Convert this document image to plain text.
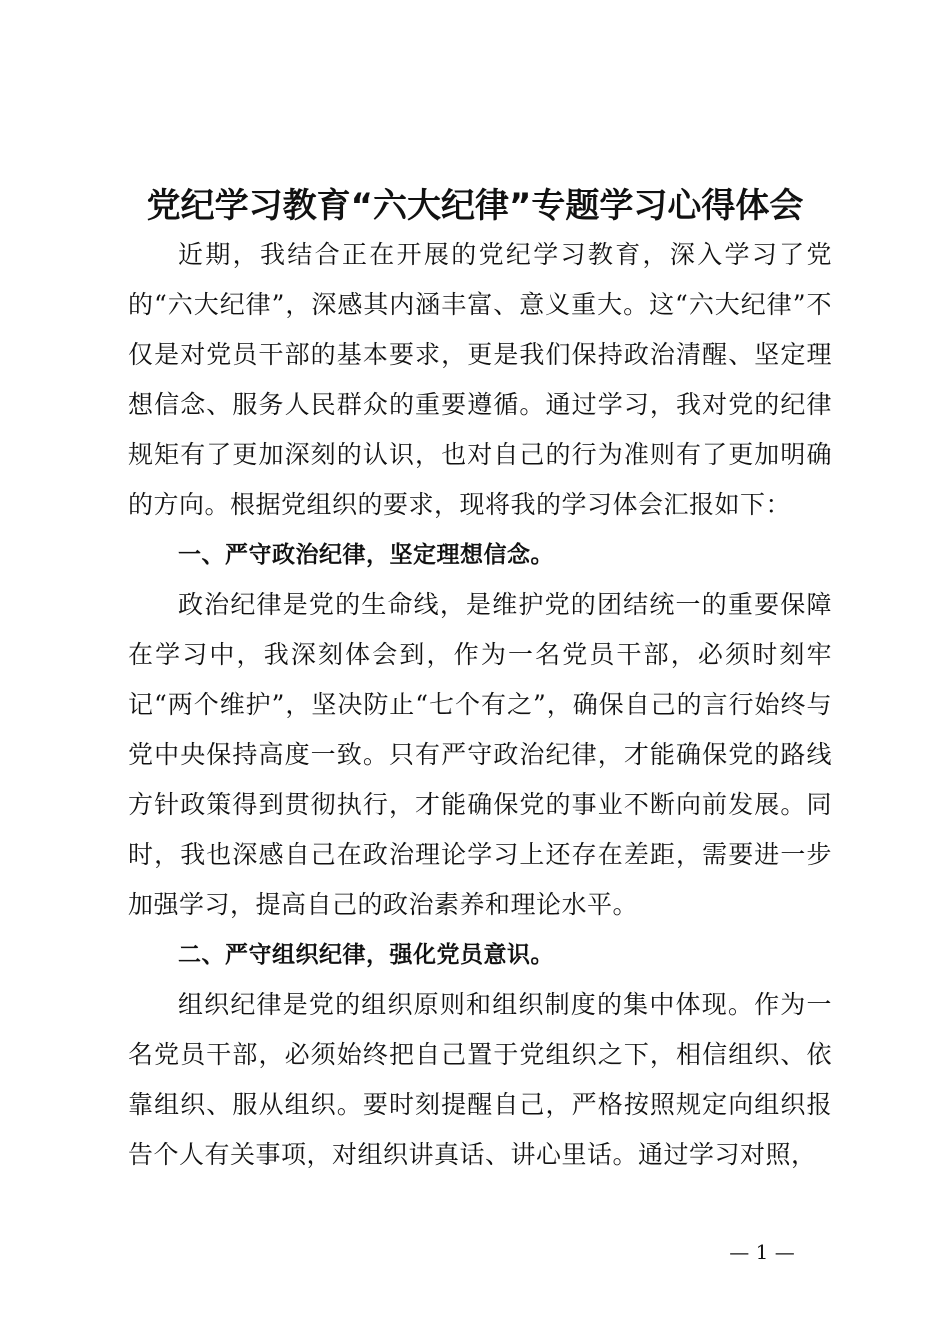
党纪学习教育“六大纪律”专题学习心得体会

近期，我结合正在开展的党纪学习教育，深入学习了党的“六大纪律”，深感其内涵丰富、意义重大。这“六大纪律”不仅是对党员干部的基本要求，更是我们保持政治清醒、坚定理想信念、服务人民群众的重要遵循。通过学习，我对党的纪律规矩有了更加深刻的认识，也对自己的行为准则有了更加明确的方向。根据党组织的要求，现将我的学习体会汇报如下：

一、严守政治纪律，坚定理想信念。

政治纪律是党的生命线，是维护党的团结统一的重要保障在学习中，我深刻体会到，作为一名党员干部，必须时刻牢记“两个维护”，坚决防止“七个有之”，确保自己的言行始终与党中央保持高度一致。只有严守政治纪律，才能确保党的路线方针政策得到贯彻执行，才能确保党的事业不断向前发展。同时，我也深感自己在政治理论学习上还存在差距，需要进一步加强学习，提高自己的政治素养和理论水平。

二、严守组织纪律，强化党员意识。

组织纪律是党的组织原则和组织制度的集中体现。作为一名党员干部，必须始终把自己置于党组织之下，相信组织、依靠组织、服从组织。要时刻提醒自己，严格按照规定向组织报告个人有关事项，对组织讲真话、讲心里话。通过学习对照，

— 1 —
